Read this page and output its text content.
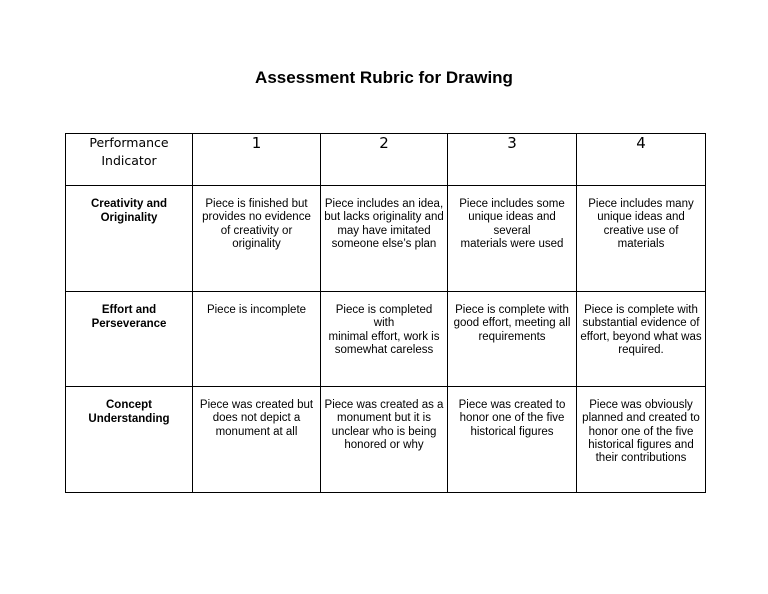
Assessment Rubric for Drawing
Performance Indicator	1	2	3	4

Creativity and Originality	Piece is finished but provides no evidence of creativity or originality	Piece includes an idea,
but lacks originality and
may have imitated someone else’s plan	Piece includes some unique ideas and several
materials were used	Piece includes many unique ideas and creative use of materials

Effort and Perseverance	Piece is incomplete	Piece is completed with
minimal effort, work is somewhat careless	Piece is complete with good effort, meeting all
requirements	Piece is complete with substantial evidence of
effort, beyond what was required.

Concept Understanding	Piece was created but does not depict a monument at all	Piece was created as a
monument but it is unclear who is being honored or why	Piece was created to honor one of the five historical figures	Piece was obviously planned and created to
honor one of the five historical figures and their contributions
